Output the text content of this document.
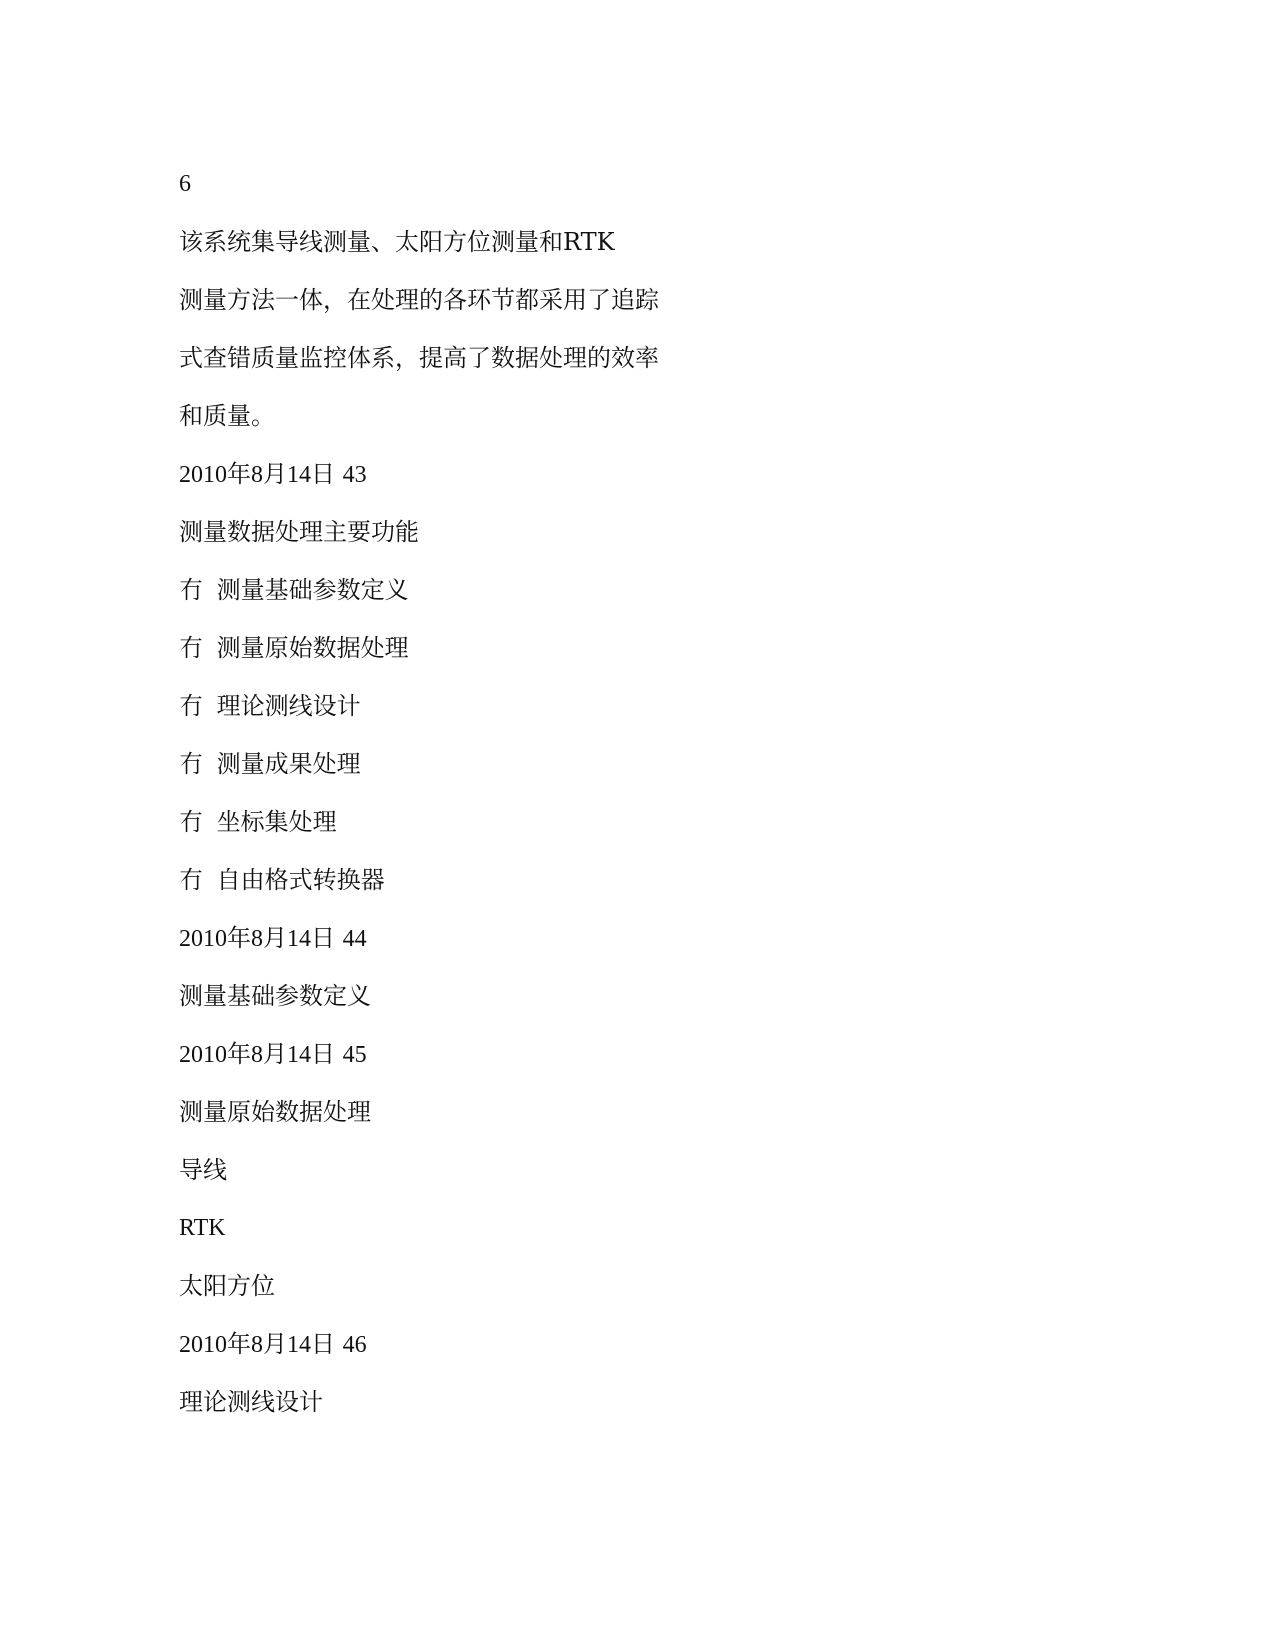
6
该系统集导线测量、太阳方位测量和RTK
测量方法一体，在处理的各环节都采用了追踪
式查错质量监控体系，提高了数据处理的效率
和质量。
2010年8月14日 43
测量数据处理主要功能
冇 测量基础参数定义
冇 测量原始数据处理
冇 理论测线设计
冇 测量成果处理
冇 坐标集处理
冇 自由格式转换器
2010年8月14日 44
测量基础参数定义
2010年8月14日 45
测量原始数据处理
导线
RTK
太阳方位
2010年8月14日 46
理论测线设计
